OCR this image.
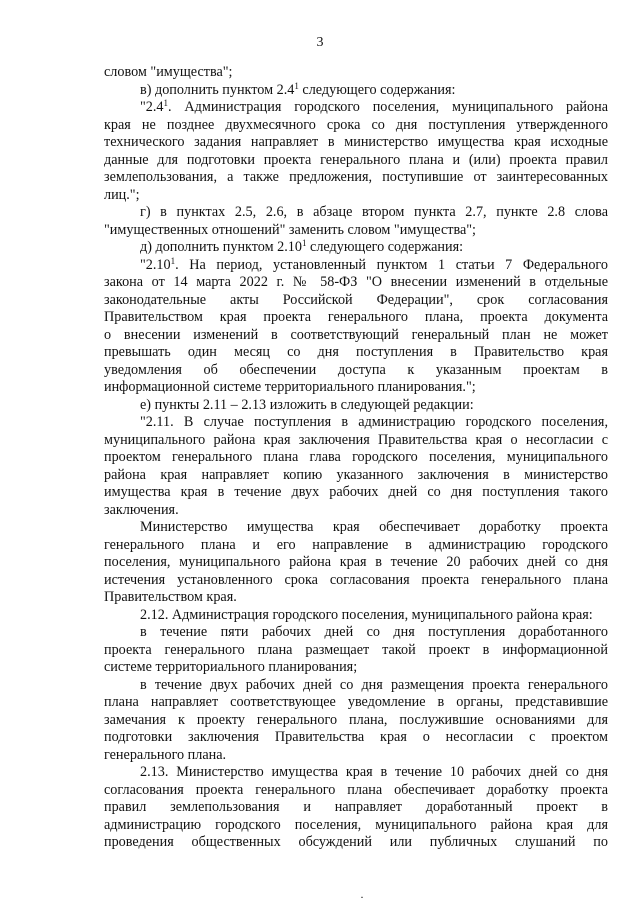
3

словом "имущества";

в) дополнить пунктом $2.4^1$ следующего содержания:

"$2.4^1$. Администрация городского поселения, муниципального района

края не позднее двухмесячного срока со дня поступления утвержденного

технического задания направляет в министерство имущества края исходные

данные для подготовки проекта генерального плана и (или) проекта правил

землепользования, а также предложения, поступившие от заинтересованных

лиц.";

г) в пунктах 2.5, 2.6, в абзаце втором пункта 2.7, пункте 2.8 слова

"имущественных отношений" заменить словом "имущества";

д) дополнить пунктом 2.10$^1$ следующего содержания:

"2.10$^1$. На период, установленный пунктом 1 статьи 7 Федерального

закона от 14 марта 2022 г. № 58-ФЗ "О внесении изменений в отдельные

законодательные акты Российской Федерации", срок согласования

Правительством края проекта генерального плана, проекта документа

о внесении изменений в соответствующий генеральный план не может

превышать один месяц со дня поступления в Правительство края

уведомления об обеспечении доступа к указанным проектам в

информационной системе территориального планирования.";

е) пункты 2.11 – 2.13 изложить в следующей редакции:

"2.11. В случае поступления в администрацию городского поселения,

муниципального района края заключения Правительства края о несогласии с

проектом генерального плана глава городского поселения, муниципального

района края направляет копию указанного заключения в министерство

имущества края в течение двух рабочих дней со дня поступления такого

заключения.

Министерство имущества края обеспечивает доработку проекта

генерального плана и его направление в администрацию городского

поселения, муниципального района края в течение 20 рабочих дней со дня

истечения установленного срока согласования проекта генерального плана

Правительством края.

2.12. Администрация городского поселения, муниципального района края:

в течение пяти рабочих дней со дня поступления доработанного

проекта генерального плана размещает такой проект в информационной

системе территориального планирования;

в течение двух рабочих дней со дня размещения проекта генерального

плана направляет соответствующее уведомление в органы, представившие

замечания к проекту генерального плана, послужившие основаниями для

подготовки заключения Правительства края о несогласии с проектом

генерального плана.

2.13. Министерство имущества края в течение 10 рабочих дней со дня

согласования проекта генерального плана обеспечивает доработку проекта

правил землепользования и направляет доработанный проект в

администрацию городского поселения, муниципального района края для

проведения общественных обсуждений или публичных слушаний по

·
